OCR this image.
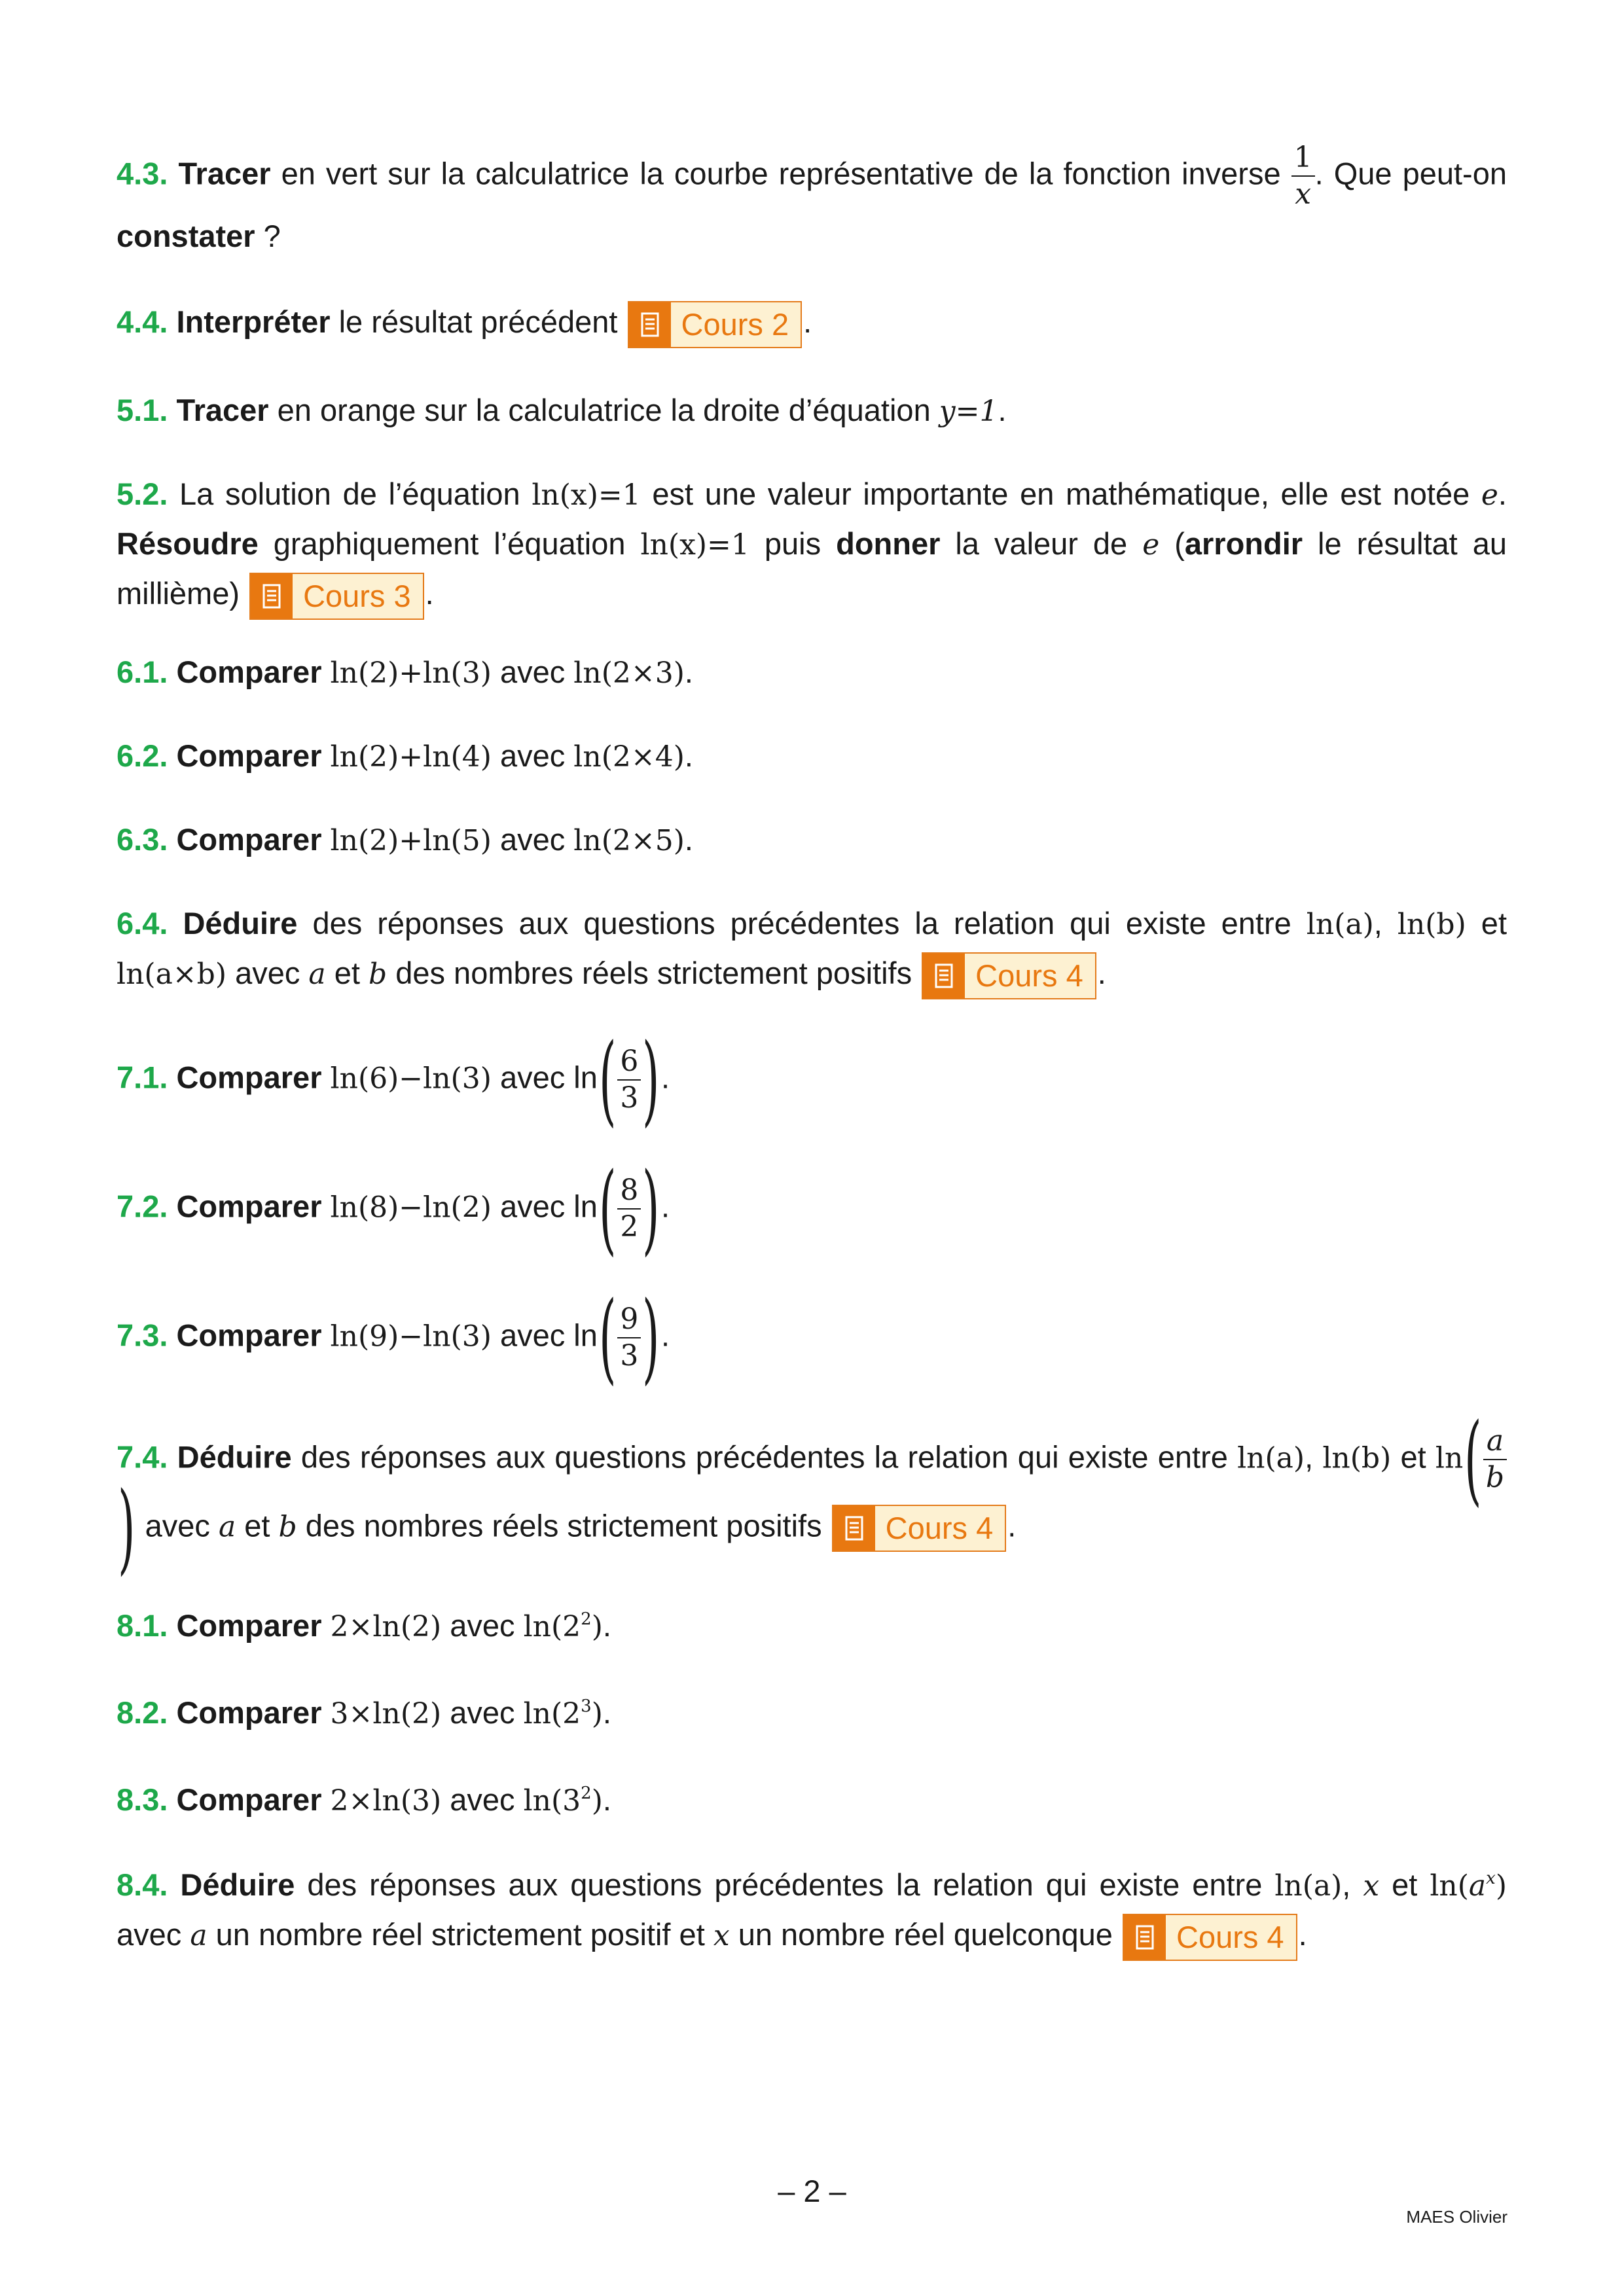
4.3. Tracer en vert sur la calculatrice la courbe représentative de la fonction inverse $\frac{1}{x}$ . Que peut-on constater ?
4.4. Interpréter le résultat précédent	Cours 2 .
5.1. Tracer en orange sur la calculatrice la droite d’équation y=1.
5.2. La solution de l’équation ln(x)=1 est une valeur importante en mathématique, elle est notée e. Résoudre graphiquement l’équation ln(x)=1 puis donner la valeur de e (arrondir le résultat au millième)	Cours 3 .
6.1. Comparer ln(2)+ln(3) avec ln(2×3).
6.2. Comparer ln(2)+ln(4) avec ln(2×4).
6.3. Comparer ln(2)+ln(5) avec ln(2×5).
6.4. Déduire des réponses aux questions précédentes la relation qui existe entre ln(a), ln(b) et ln(a×b) avec a et b des nombres réels strictement positifs	Cours 4 .
7.1. Comparer ln(6)−ln(3) avec $\ln( \frac{6}{3}$ ).
7.2. Comparer ln(8)−ln(2) avec $\ln( \frac{8}{2}$ ).
7.3. Comparer ln(9)−ln(3) avec $\ln( \frac{9}{3}$ ).
7.4. Déduire des réponses aux questions précédentes la relation qui existe entre ln(a), ln(b) et $\ln( \frac{a}{b}$
) avec a et b des nombres réels strictement positifs	Cours 4 .
8.1. Comparer 2×ln(2) avec $\ln(2^2)$.
8.2. Comparer 3×ln(2) avec $\ln(2^3)$.
8.3. Comparer 2×ln(3) avec $\ln(3^2)$.
8.4. Déduire des réponses aux questions précédentes la relation qui existe entre ln(a), x et $\ln(a^x)$ avec a un nombre réel strictement positif et x un nombre réel quelconque	Cours 4 .
– 2 –
MAES Olivier
